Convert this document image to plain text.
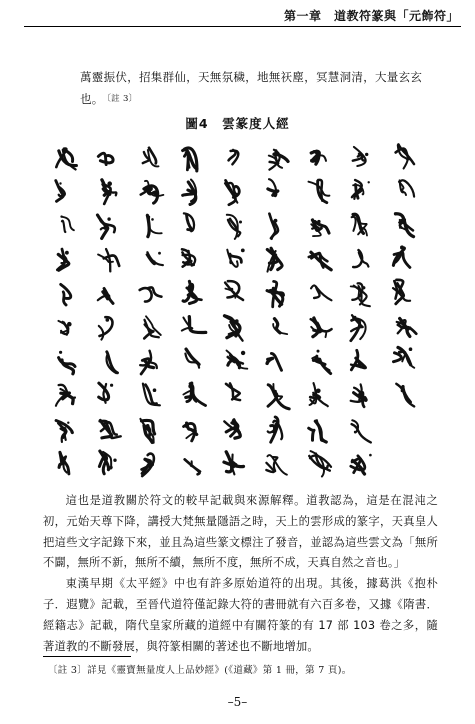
第一章　道教符篆與「元飾符」

萬靈振伏，招集群仙，天無氛穢，地無祆塵，冥慧洞清，大量玄玄

也。 〔註 3〕

圖4　雲篆度人經

這也是道教關於符文的較早記載與來源解釋。道教認為，這是在混沌之初，元始天尊下降，講授大梵無量隱語之時，天上的雲形成的篆字，天真皇人把這些文字記錄下來，並且為這些篆文標注了發音，並認為這些雲文為「無所不闢，無所不新，無所不續，無所不度，無所不成，天真自然之音也。」

東漢早期《太平經》中也有許多原始道符的出現。其後，據葛洪《抱朴子．遐覽》記載，至晉代道符僅記錄大符的書冊就有六百多卷，又據《隋書．經籍志》記載，隋代皇家所藏的道經中有關符篆的有 17 部 103 卷之多，隨著道教的不斷發展，與符篆相關的著述也不斷地增加。

〔註 3〕詳見《靈寶無量度人上品妙經》(《道藏》第 1 冊，第 7 頁)。
–5–
